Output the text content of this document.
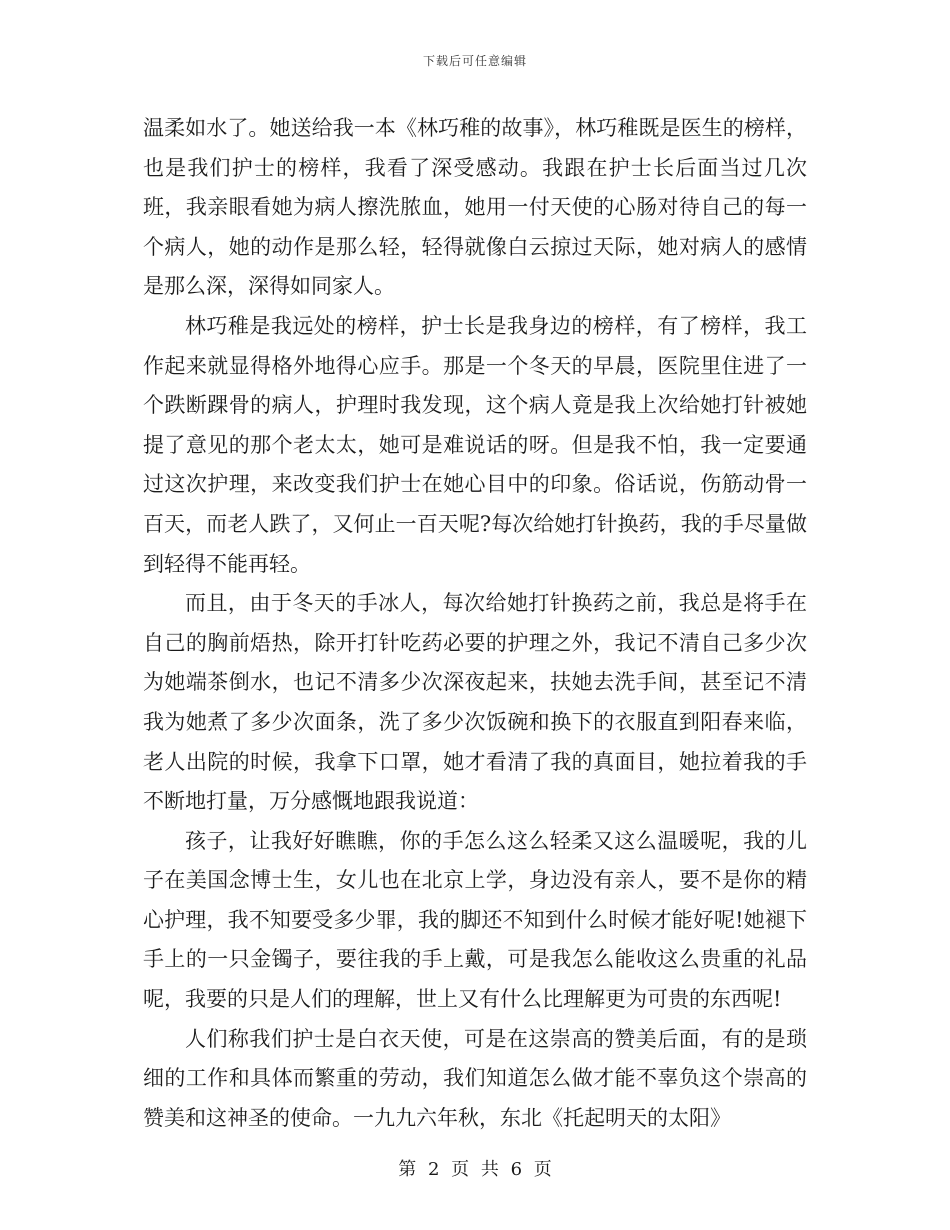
下载后可任意编辑

温柔如水了。她送给我一本《林巧稚的故事》，林巧稚既是医生的榜样，也是我们护士的榜样，我看了深受感动。我跟在护士长后面当过几次班，我亲眼看她为病人擦洗脓血，她用一付天使的心肠对待自己的每一个病人，她的动作是那么轻，轻得就像白云掠过天际，她对病人的感情是那么深，深得如同家人。

林巧稚是我远处的榜样，护士长是我身边的榜样，有了榜样，我工作起来就显得格外地得心应手。那是一个冬天的早晨，医院里住进了一个跌断踝骨的病人，护理时我发现，这个病人竟是我上次给她打针被她提了意见的那个老太太，她可是难说话的呀。但是我不怕，我一定要通过这次护理，来改变我们护士在她心目中的印象。俗话说，伤筋动骨一百天，而老人跌了，又何止一百天呢?每次给她打针换药，我的手尽量做到轻得不能再轻。

而且，由于冬天的手冰人，每次给她打针换药之前，我总是将手在自己的胸前焐热，除开打针吃药必要的护理之外，我记不清自己多少次为她端茶倒水，也记不清多少次深夜起来，扶她去洗手间，甚至记不清我为她煮了多少次面条，洗了多少次饭碗和换下的衣服直到阳春来临，老人出院的时候，我拿下口罩，她才看清了我的真面目，她拉着我的手不断地打量，万分感慨地跟我说道：

孩子，让我好好瞧瞧，你的手怎么这么轻柔又这么温暖呢，我的儿子在美国念博士生，女儿也在北京上学，身边没有亲人，要不是你的精心护理，我不知要受多少罪，我的脚还不知到什么时候才能好呢!她褪下手上的一只金镯子，要往我的手上戴，可是我怎么能收这么贵重的礼品呢，我要的只是人们的理解，世上又有什么比理解更为可贵的东西呢!

人们称我们护士是白衣天使，可是在这崇高的赞美后面，有的是琐细的工作和具体而繁重的劳动，我们知道怎么做才能不辜负这个崇高的赞美和这神圣的使命。一九九六年秋，东北《托起明天的太阳》

第 2 页 共 6 页
